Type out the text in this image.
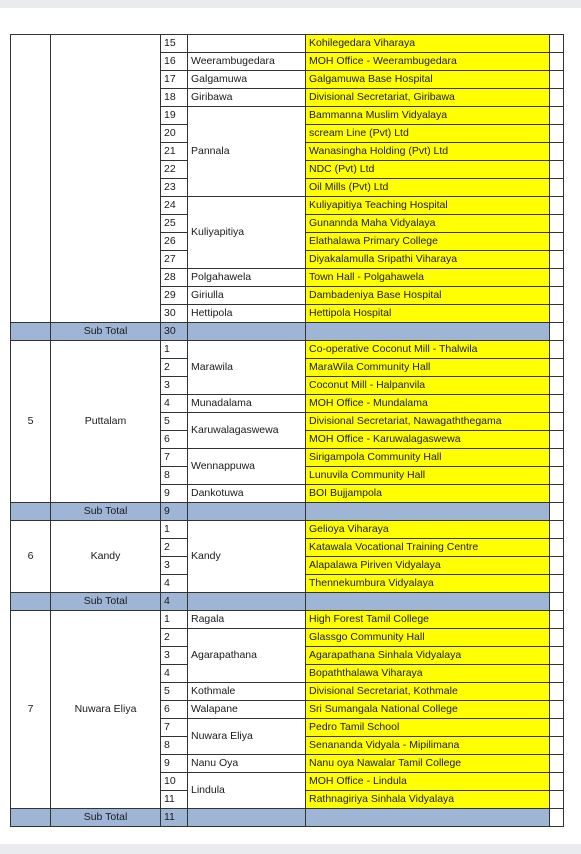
		15		Kohilegedara Viharaya	
		16	Weerambugedara	MOH Office - Weerambugedara	
		17	Galgamuwa	Galgamuwa Base Hospital	
		18	Giribawa	Divisional Secretariat, Giribawa	
		19	Pannala	Bammanna Muslim Vidyalaya	
		20		scream Line (Pvt) Ltd	
		21		Wanasingha Holding (Pvt) Ltd	
		22		NDC (Pvt) Ltd	
		23		Oil Mills (Pvt) Ltd	
		24	Kuliyapitiya	Kuliyapitiya Teaching Hospital	
		25		Gunannda Maha Vidyalaya	
		26		Elathalawa Primary College	
		27		Diyakalamulla Sripathi Viharaya	
		28	Polgahawela	Town Hall - Polgahawela	
		29	Giriulla	Dambadeniya Base Hospital	
		30	Hettipola	Hettipola Hospital	
	Sub Total	30			
5	Puttalam	1	Marawila	Co-operative Coconut Mill - Thalwila	
		2		MaraWila Community Hall	
		3		Coconut Mill - Halpanvila	
		4	Munadalama	MOH Office - Mundalama	
		5	Karuwalagaswewa	Divisional Secretariat, Nawagaththegama	
		6		MOH Office - Karuwalagaswewa	
		7	Wennappuwa	Sirigampola Community Hall	
		8		Lunuvila Community Hall	
		9	Dankotuwa	BOI Bujjampola	
	Sub Total	9			
6	Kandy	1	Kandy	Gelioya Viharaya	
		2		Katawala Vocational Training Centre	
		3		Alapalawa Piriven Vidyalaya	
		4		Thennekumbura Vidyalaya	
	Sub Total	4			
7	Nuwara Eliya	1	Ragala	High Forest Tamil College	
		2	Agarapathana	Glassgo Community Hall	
		3		Agarapathana Sinhala Vidyalaya	
		4		Bopaththalawa Viharaya	
		5	Kothmale	Divisional Secretariat, Kothmale	
		6	Walapane	Sri Sumangala National College	
		7	Nuwara Eliya	Pedro Tamil School	
		8		Senananda Vidyala - Mipilimana	
		9	Nanu Oya	Nanu oya Nawalar Tamil College	
		10	Lindula	MOH Office - Lindula	
		11		Rathnagiriya Sinhala Vidyalaya	
	Sub Total	11			
